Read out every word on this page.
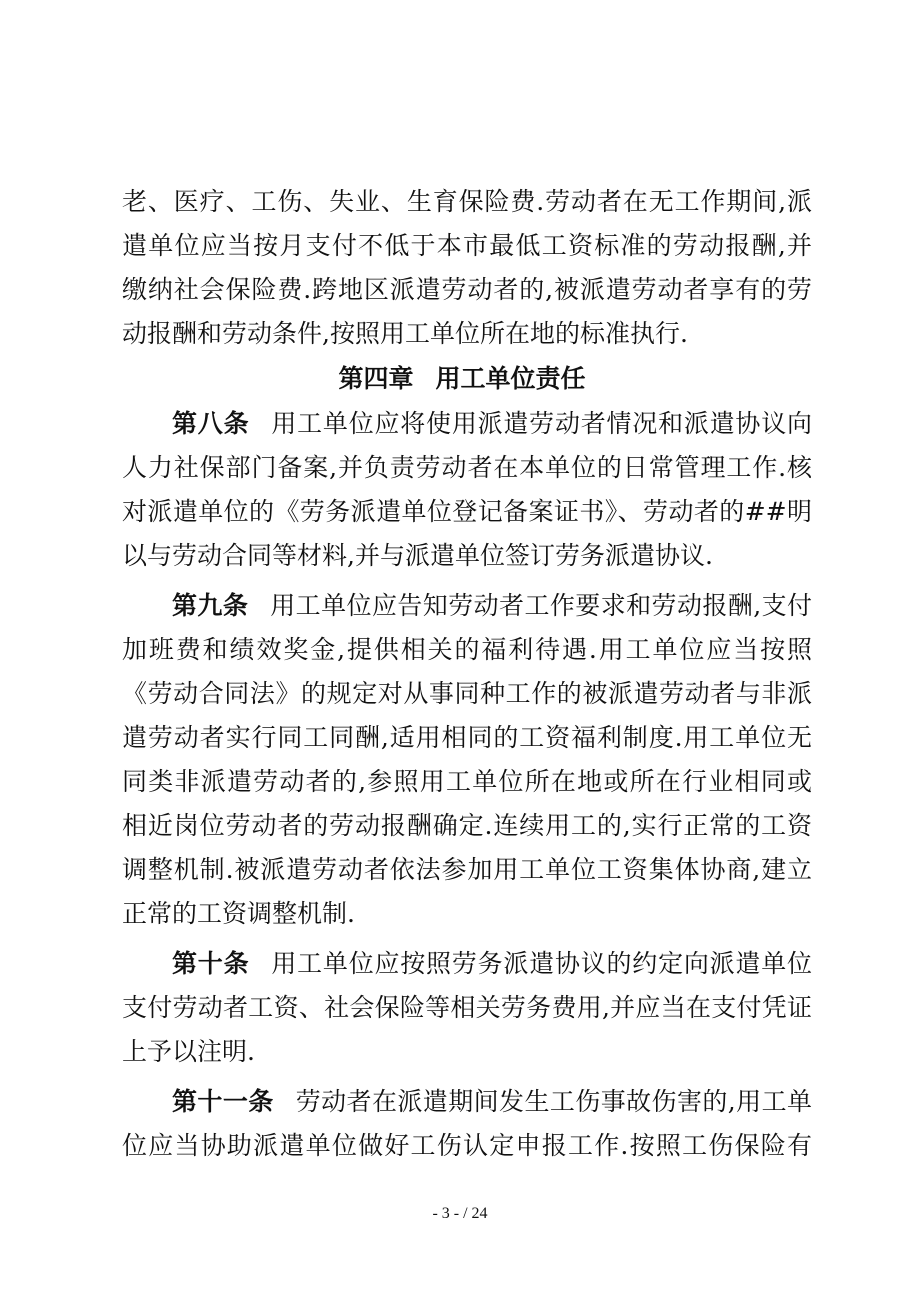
老、医疗、工伤、失业、生育保险费.劳动者在无工作期间,派
遣单位应当按月支付不低于本市最低工资标准的劳动报酬,并
缴纳社会保险费.跨地区派遣劳动者的,被派遣劳动者享有的劳
动报酬和劳动条件,按照用工单位所在地的标准执行.
第四章 用工单位责任
第八条 用工单位应将使用派遣劳动者情况和派遣协议向
人力社保部门备案,并负责劳动者在本单位的日常管理工作.核
对派遣单位的《劳务派遣单位登记备案证书》、劳动者的##明
以与劳动合同等材料,并与派遣单位签订劳务派遣协议.
第九条 用工单位应告知劳动者工作要求和劳动报酬,支付
加班费和绩效奖金,提供相关的福利待遇.用工单位应当按照
《劳动合同法》的规定对从事同种工作的被派遣劳动者与非派
遣劳动者实行同工同酬,适用相同的工资福利制度.用工单位无
同类非派遣劳动者的,参照用工单位所在地或所在行业相同或
相近岗位劳动者的劳动报酬确定.连续用工的,实行正常的工资
调整机制.被派遣劳动者依法参加用工单位工资集体协商,建立
正常的工资调整机制.
第十条 用工单位应按照劳务派遣协议的约定向派遣单位
支付劳动者工资、社会保险等相关劳务费用,并应当在支付凭证
上予以注明.
第十一条 劳动者在派遣期间发生工伤事故伤害的,用工单
位应当协助派遣单位做好工伤认定申报工作.按照工伤保险有
- 3 - / 24
